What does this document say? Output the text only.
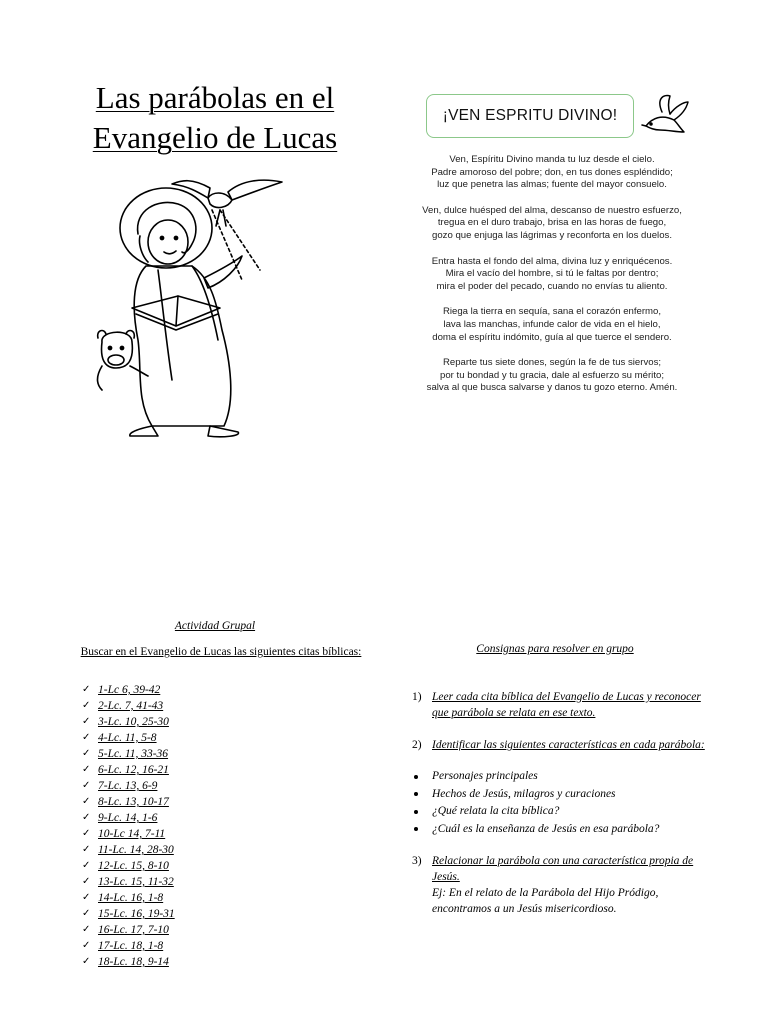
Las parábolas en el
Evangelio de Lucas
¡VEN ESPRITU DIVINO!
Ven, Espíritu Divino manda tu luz desde el cielo.
Padre amoroso del pobre; don, en tus dones espléndido;
luz que penetra las almas; fuente del mayor consuelo.
Ven, dulce huésped del alma, descanso de nuestro esfuerzo,
tregua en el duro trabajo, brisa en las horas de fuego,
gozo que enjuga las lágrimas y reconforta en los duelos.
Entra hasta el fondo del alma, divina luz y enriquécenos.
Mira el vacío del hombre, si tú le faltas por dentro;
mira el poder del pecado, cuando no envías tu aliento.
Riega la tierra en sequía, sana el corazón enfermo,
lava las manchas, infunde calor de vida en el hielo,
doma el espíritu indómito, guía al que tuerce el sendero.
Reparte tus siete dones, según la fe de tus siervos;
por tu bondad y tu gracia, dale al esfuerzo su mérito;
salva al que busca salvarse y danos tu gozo eterno. Amén.
Actividad Grupal
Buscar en el Evangelio de Lucas las siguientes citas bíblicas:
✓ 1-Lc 6, 39-42
✓ 2-Lc. 7, 41-43
✓ 3-Lc. 10, 25-30
✓ 4-Lc. 11, 5-8
✓ 5-Lc. 11, 33-36
✓ 6-Lc. 12, 16-21
✓ 7-Lc. 13, 6-9
✓ 8-Lc. 13, 10-17
✓ 9-Lc. 14, 1-6
✓ 10-Lc 14, 7-11
✓ 11-Lc. 14, 28-30
✓ 12-Lc. 15, 8-10
✓ 13-Lc. 15, 11-32
✓ 14-Lc. 16, 1-8
✓ 15-Lc. 16, 19-31
✓ 16-Lc. 17, 7-10
✓ 17-Lc. 18, 1-8
✓ 18-Lc. 18, 9-14
Consignas para resolver en grupo
1) Leer cada cita bíblica del Evangelio de Lucas y reconocer que parábola se relata en ese texto.
2) Identificar las siguientes características en cada parábola:
Personajes principales
Hechos de Jesús, milagros y curaciones
¿Qué relata la cita bíblica?
¿Cuál es la enseñanza de Jesús en esa parábola?
3) Relacionar la parábola con una característica propia de Jesús.
Ej: En el relato de la Parábola del Hijo Pródigo, encontramos a un Jesús misericordioso.
